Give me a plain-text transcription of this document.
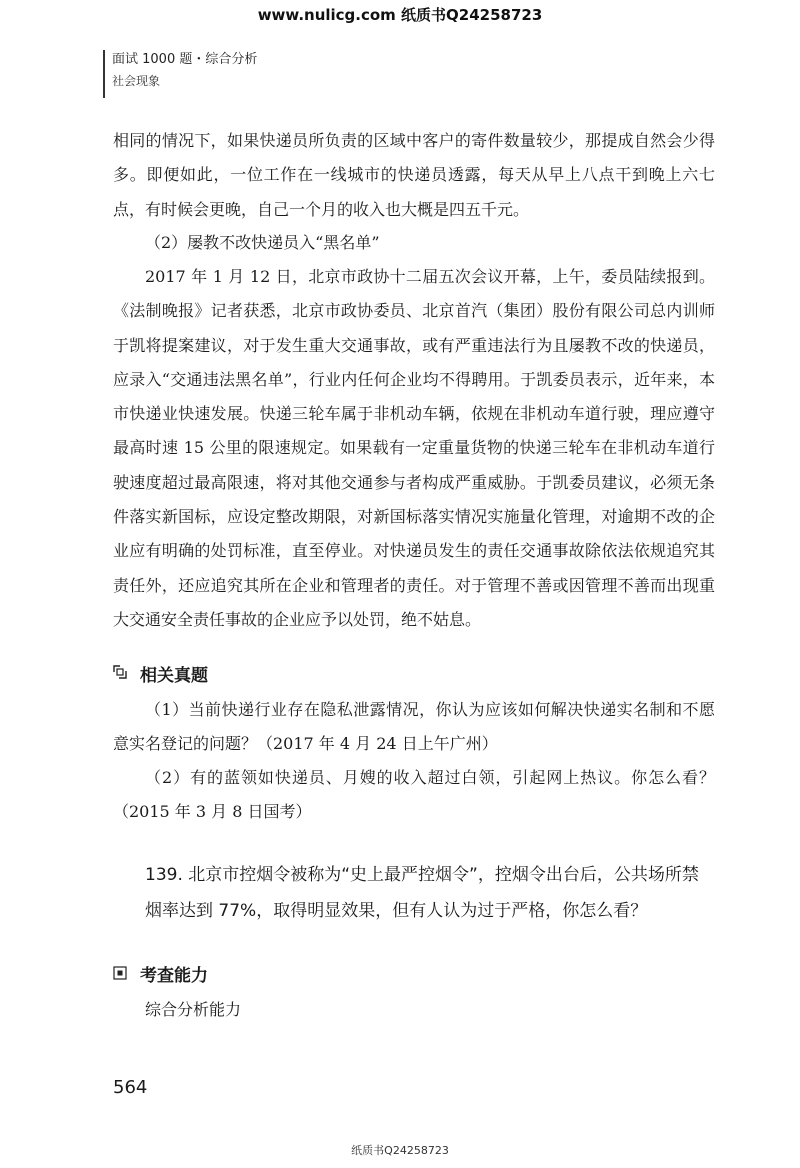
www.nulicg.com 纸质书Q24258723
面试 1000 题・综合分析
社会现象

相同的情况下，如果快递员所负责的区域中客户的寄件数量较少，那提成自然会少得多。即便如此，一位工作在一线城市的快递员透露，每天从早上八点干到晚上六七点，有时候会更晚，自己一个月的收入也大概是四五千元。

（2）屡教不改快递员入“黑名单”

2017 年 1 月 12 日，北京市政协十二届五次会议开幕，上午，委员陆续报到。《法制晚报》记者获悉，北京市政协委员、北京首汽（集团）股份有限公司总内训师于凯将提案建议，对于发生重大交通事故，或有严重违法行为且屡教不改的快递员，应录入“交通违法黑名单”，行业内任何企业均不得聘用。于凯委员表示，近年来，本市快递业快速发展。快递三轮车属于非机动车辆，依规在非机动车道行驶，理应遵守最高时速 15 公里的限速规定。如果载有一定重量货物的快递三轮车在非机动车道行驶速度超过最高限速，将对其他交通参与者构成严重威胁。于凯委员建议，必须无条件落实新国标，应设定整改期限，对新国标落实情况实施量化管理，对逾期不改的企业应有明确的处罚标准，直至停业。对快递员发生的责任交通事故除依法依规追究其责任外，还应追究其所在企业和管理者的责任。对于管理不善或因管理不善而出现重大交通安全责任事故的企业应予以处罚，绝不姑息。

相关真题

（1）当前快递行业存在隐私泄露情况，你认为应该如何解决快递实名制和不愿意实名登记的问题？（2017 年 4 月 24 日上午广州）

（2）有的蓝领如快递员、月嫂的收入超过白领，引起网上热议。你怎么看？（2015 年 3 月 8 日国考）

139. 北京市控烟令被称为“史上最严控烟令”，控烟令出台后，公共场所禁烟率达到 77%，取得明显效果，但有人认为过于严格，你怎么看？

考查能力
综合分析能力
564
纸质书Q24258723
